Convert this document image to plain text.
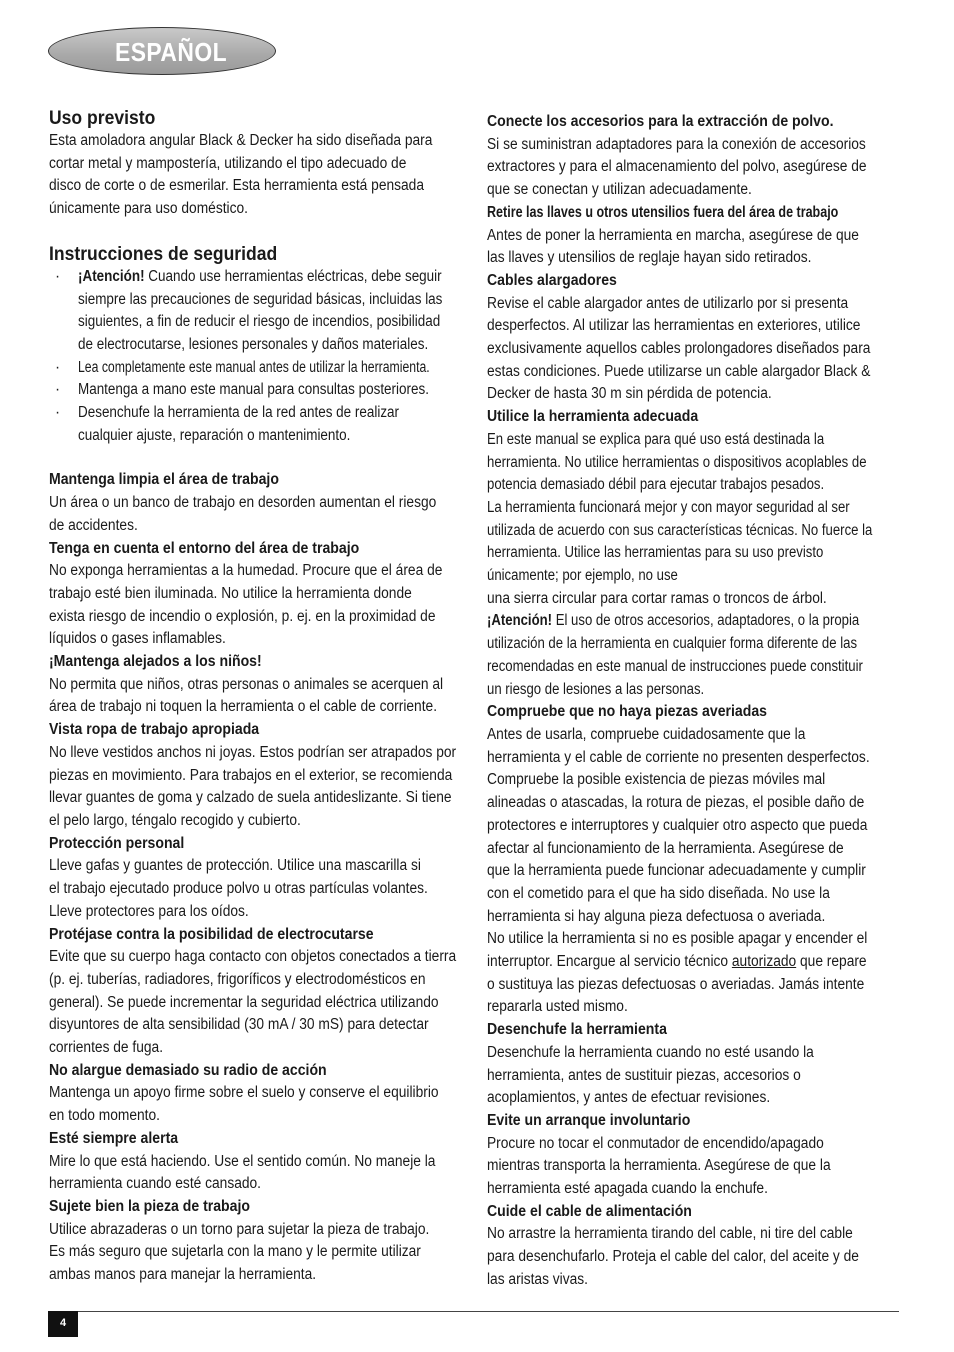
ESPAÑOL
Uso previsto
Esta amoladora angular Black & Decker ha sido diseñada para
cortar metal y mampostería, utilizando el tipo adecuado de
disco de corte o de esmerilar. Esta herramienta está pensada
únicamente para uso doméstico.
Instrucciones de seguridad
· ¡Atención! Cuando use herramientas eléctricas, debe seguir
siempre las precauciones de seguridad básicas, incluidas las
siguientes, a fin de reducir el riesgo de incendios, posibilidad
de electrocutarse, lesiones personales y daños materiales.
· Lea completamente este manual antes de utilizar la herramienta.
· Mantenga a mano este manual para consultas posteriores.
· Desenchufe la herramienta de la red antes de realizar
cualquier ajuste, reparación o mantenimiento.
Mantenga limpia el área de trabajo
Un área o un banco de trabajo en desorden aumentan el riesgo
de accidentes.
Tenga en cuenta el entorno del área de trabajo
No exponga herramientas a la humedad. Procure que el área de
trabajo esté bien iluminada. No utilice la herramienta donde
exista riesgo de incendio o explosión, p. ej. en la proximidad de
líquidos o gases inflamables.
¡Mantenga alejados a los niños!
No permita que niños, otras personas o animales se acerquen al
área de trabajo ni toquen la herramienta o el cable de corriente.
Vista ropa de trabajo apropiada
No lleve vestidos anchos ni joyas. Estos podrían ser atrapados por
piezas en movimiento. Para trabajos en el exterior, se recomienda
llevar guantes de goma y calzado de suela antideslizante. Si tiene
el pelo largo, téngalo recogido y cubierto.
Protección personal
Lleve gafas y guantes de protección. Utilice una mascarilla si
el trabajo ejecutado produce polvo u otras partículas volantes.
Lleve protectores para los oídos.
Protéjase contra la posibilidad de electrocutarse
Evite que su cuerpo haga contacto con objetos conectados a tierra
(p. ej. tuberías, radiadores, frigoríficos y electrodomésticos en
general). Se puede incrementar la seguridad eléctrica utilizando
disyuntores de alta sensibilidad (30 mA / 30 mS) para detectar
corrientes de fuga.
No alargue demasiado su radio de acción
Mantenga un apoyo firme sobre el suelo y conserve el equilibrio
en todo momento.
Esté siempre alerta
Mire lo que está haciendo. Use el sentido común. No maneje la
herramienta cuando esté cansado.
Sujete bien la pieza de trabajo
Utilice abrazaderas o un torno para sujetar la pieza de trabajo.
Es más seguro que sujetarla con la mano y le permite utilizar
ambas manos para manejar la herramienta.
Conecte los accesorios para la extracción de polvo.
Si se suministran adaptadores para la conexión de accesorios
extractores y para el almacenamiento del polvo, asegúrese de
que se conectan y utilizan adecuadamente.
Retire las llaves u otros utensilios fuera del área de trabajo
Antes de poner la herramienta en marcha, asegúrese de que
las llaves y utensilios de reglaje hayan sido retirados.
Cables alargadores
Revise el cable alargador antes de utilizarlo por si presenta
desperfectos. Al utilizar las herramientas en exteriores, utilice
exclusivamente aquellos cables prolongadores diseñados para
estas condiciones. Puede utilizarse un cable alargador Black &
Decker de hasta 30 m sin pérdida de potencia.
Utilice la herramienta adecuada
En este manual se explica para qué uso está destinada la
herramienta. No utilice herramientas o dispositivos acoplables de
potencia demasiado débil para ejecutar trabajos pesados.
La herramienta funcionará mejor y con mayor seguridad al ser
utilizada de acuerdo con sus características técnicas. No fuerce la
herramienta. Utilice las herramientas para su uso previsto
únicamente; por ejemplo, no use
una sierra circular para cortar ramas o troncos de árbol.
¡Atención! El uso de otros accesorios, adaptadores, o la propia
utilización de la herramienta en cualquier forma diferente de las
recomendadas en este manual de instrucciones puede constituir
un riesgo de lesiones a las personas.
Compruebe que no haya piezas averiadas
Antes de usarla, compruebe cuidadosamente que la
herramienta y el cable de corriente no presenten desperfectos.
Compruebe la posible existencia de piezas móviles mal
alineadas o atascadas, la rotura de piezas, el posible daño de
protectores e interruptores y cualquier otro aspecto que pueda
afectar al funcionamiento de la herramienta. Asegúrese de
que la herramienta puede funcionar adecuadamente y cumplir
con el cometido para el que ha sido diseñada. No use la
herramienta si hay alguna pieza defectuosa o averiada.
No utilice la herramienta si no es posible apagar y encender el
interruptor. Encargue al servicio técnico autorizado que repare
o sustituya las piezas defectuosas o averiadas. Jamás intente
repararla usted mismo.
Desenchufe la herramienta
Desenchufe la herramienta cuando no esté usando la
herramienta, antes de sustituir piezas, accesorios o
acoplamientos, y antes de efectuar revisiones.
Evite un arranque involuntario
Procure no tocar el conmutador de encendido/apagado
mientras transporta la herramienta. Asegúrese de que la
herramienta esté apagada cuando la enchufe.
Cuide el cable de alimentación
No arrastre la herramienta tirando del cable, ni tire del cable
para desenchufarlo. Proteja el cable del calor, del aceite y de
las aristas vivas.
4
